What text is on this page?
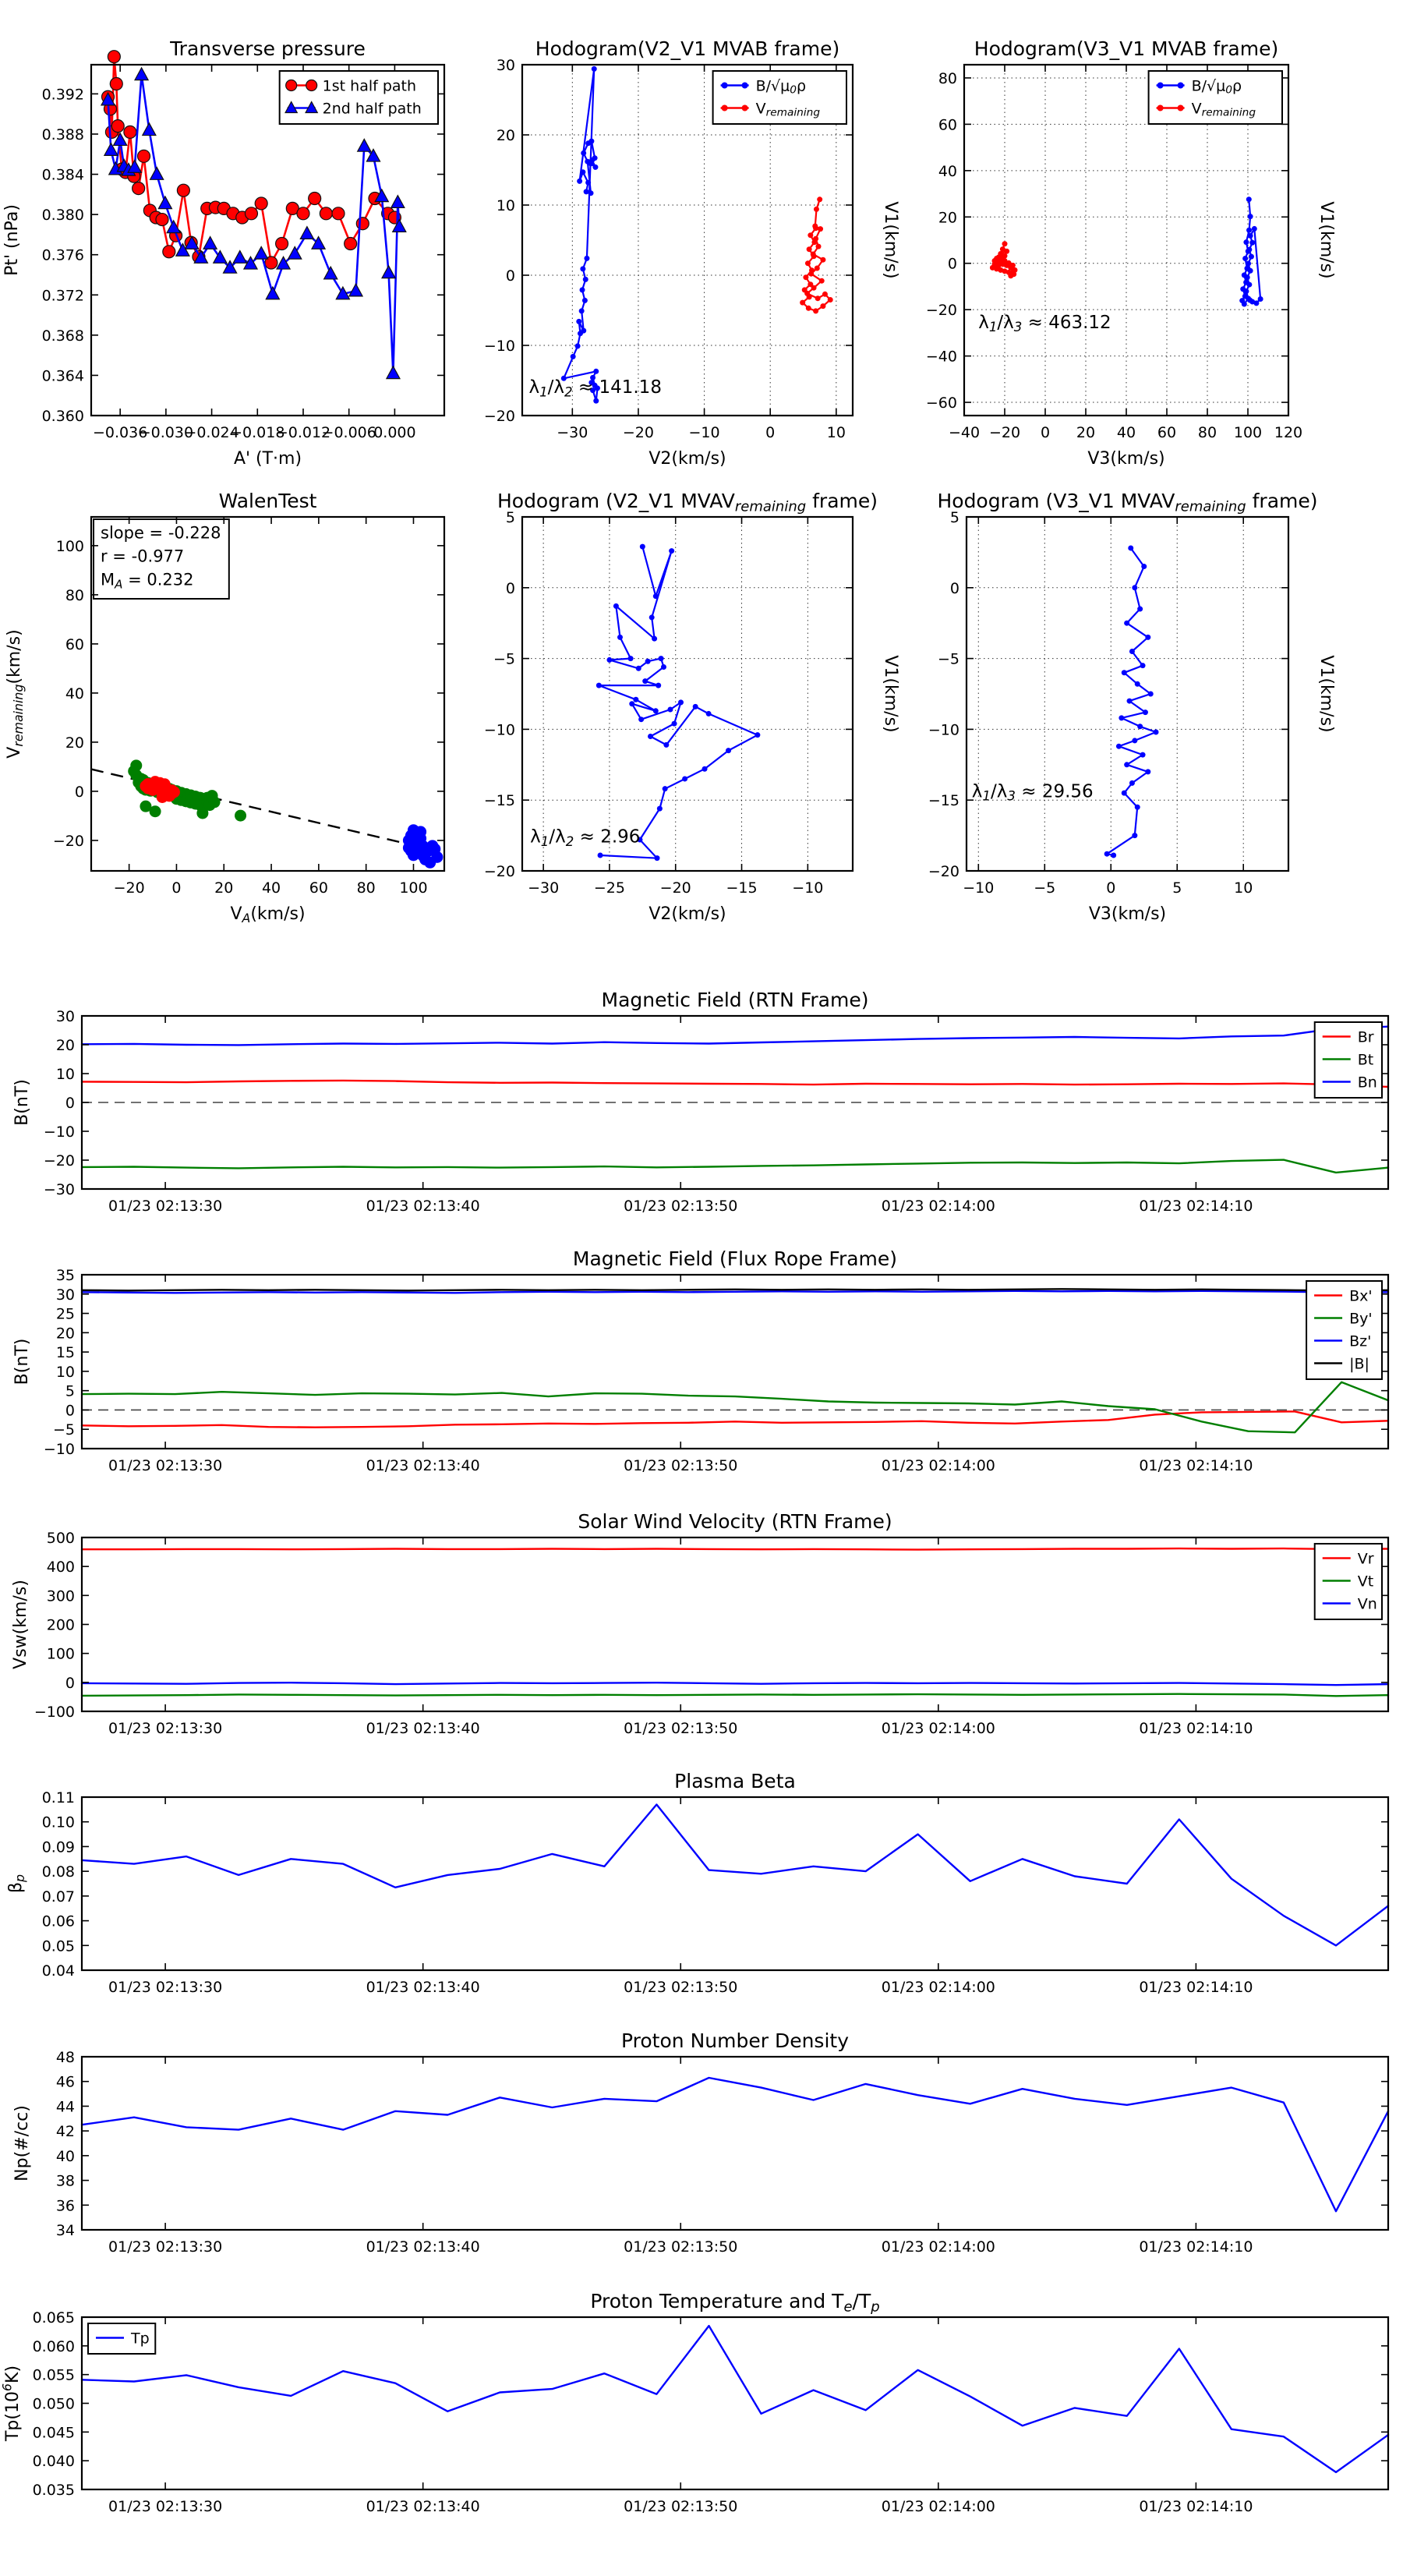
−0.036
−0.030
−0.024
−0.018
−0.012
−0.006
0.000
0.360
0.364
0.368
0.372
0.376
0.380
0.384
0.388
0.392
A' (T·m)
Pt' (nPa)
Transverse pressure
1st half path
2nd half path
λ1/λ2 ≈ 141.18
−30 −20 −10	0	10
−20
−10
0
10
20
30
V2(km/s)
V1(km/s)
Hodogram(V2_V1 MVAB frame)
B/√μ0ρ
Vremaining
λ1/λ3 ≈ 463.12
−40 −20 0 20 40 60 80 100 120
−60
−40
−20
0
20
40
60
80
V3(km/s)
V1(km/s)
Hodogram(V3_V1 MVAB frame)
B/√μ0ρ
Vremaining
slope = -0.228
r = -0.977
MA = 0.232
−20 0 20 40 60 80 100
−20
0
20
40
60
80
100
VA(km/s)
Vremaining(km/s)
WalenTest
λ1/λ2 ≈ 2.96
−30 −25 −20 −15 −10
−20
−15
−10
−5
0
5
V2(km/s)
V1(km/s)
Hodogram (V2_V1 MVAVremaining frame)
λ1/λ3 ≈ 29.56
−10	−5	0	5	10
−20
−15
−10
−5
0
5
V3(km/s)
V1(km/s)
Hodogram (V3_V1 MVAVremaining frame)
01/23 02:13:30	01/23 02:13:40	01/23 02:13:50	01/23 02:14:00	01/23 02:14:10
−30
−20
−10
0
10
20
30
B(nT)
Magnetic Field (RTN Frame)
Br
Bt
Bn
01/23 02:13:30	01/23 02:13:40	01/23 02:13:50	01/23 02:14:00	01/23 02:14:10
−10
−5
0
5
10
15
20
25
30
35
B(nT)
Magnetic Field (Flux Rope Frame)
Bx'
By'
Bz'
|B|
01/23 02:13:30	01/23 02:13:40	01/23 02:13:50	01/23 02:14:00	01/23 02:14:10
−100
0
100
200
300
400
500
Vsw(km/s)
Solar Wind Velocity (RTN Frame)
Vr
Vt
Vn
01/23 02:13:30	01/23 02:13:40	01/23 02:13:50	01/23 02:14:00	01/23 02:14:10
0.04
0.05
0.06
0.07
0.08
0.09
0.10
0.11
βp
Plasma Beta
01/23 02:13:30	01/23 02:13:40	01/23 02:13:50	01/23 02:14:00	01/23 02:14:10
34
36
38
40
42
44
46
48
Np(#/cc)
Proton Number Density
01/23 02:13:30	01/23 02:13:40	01/23 02:13:50	01/23 02:14:00	01/23 02:14:10
0.035
0.040
0.045
0.050
0.055
0.060
0.065
$Tp(10^6K)$
Proton Temperature and Te/Tp
Tp
